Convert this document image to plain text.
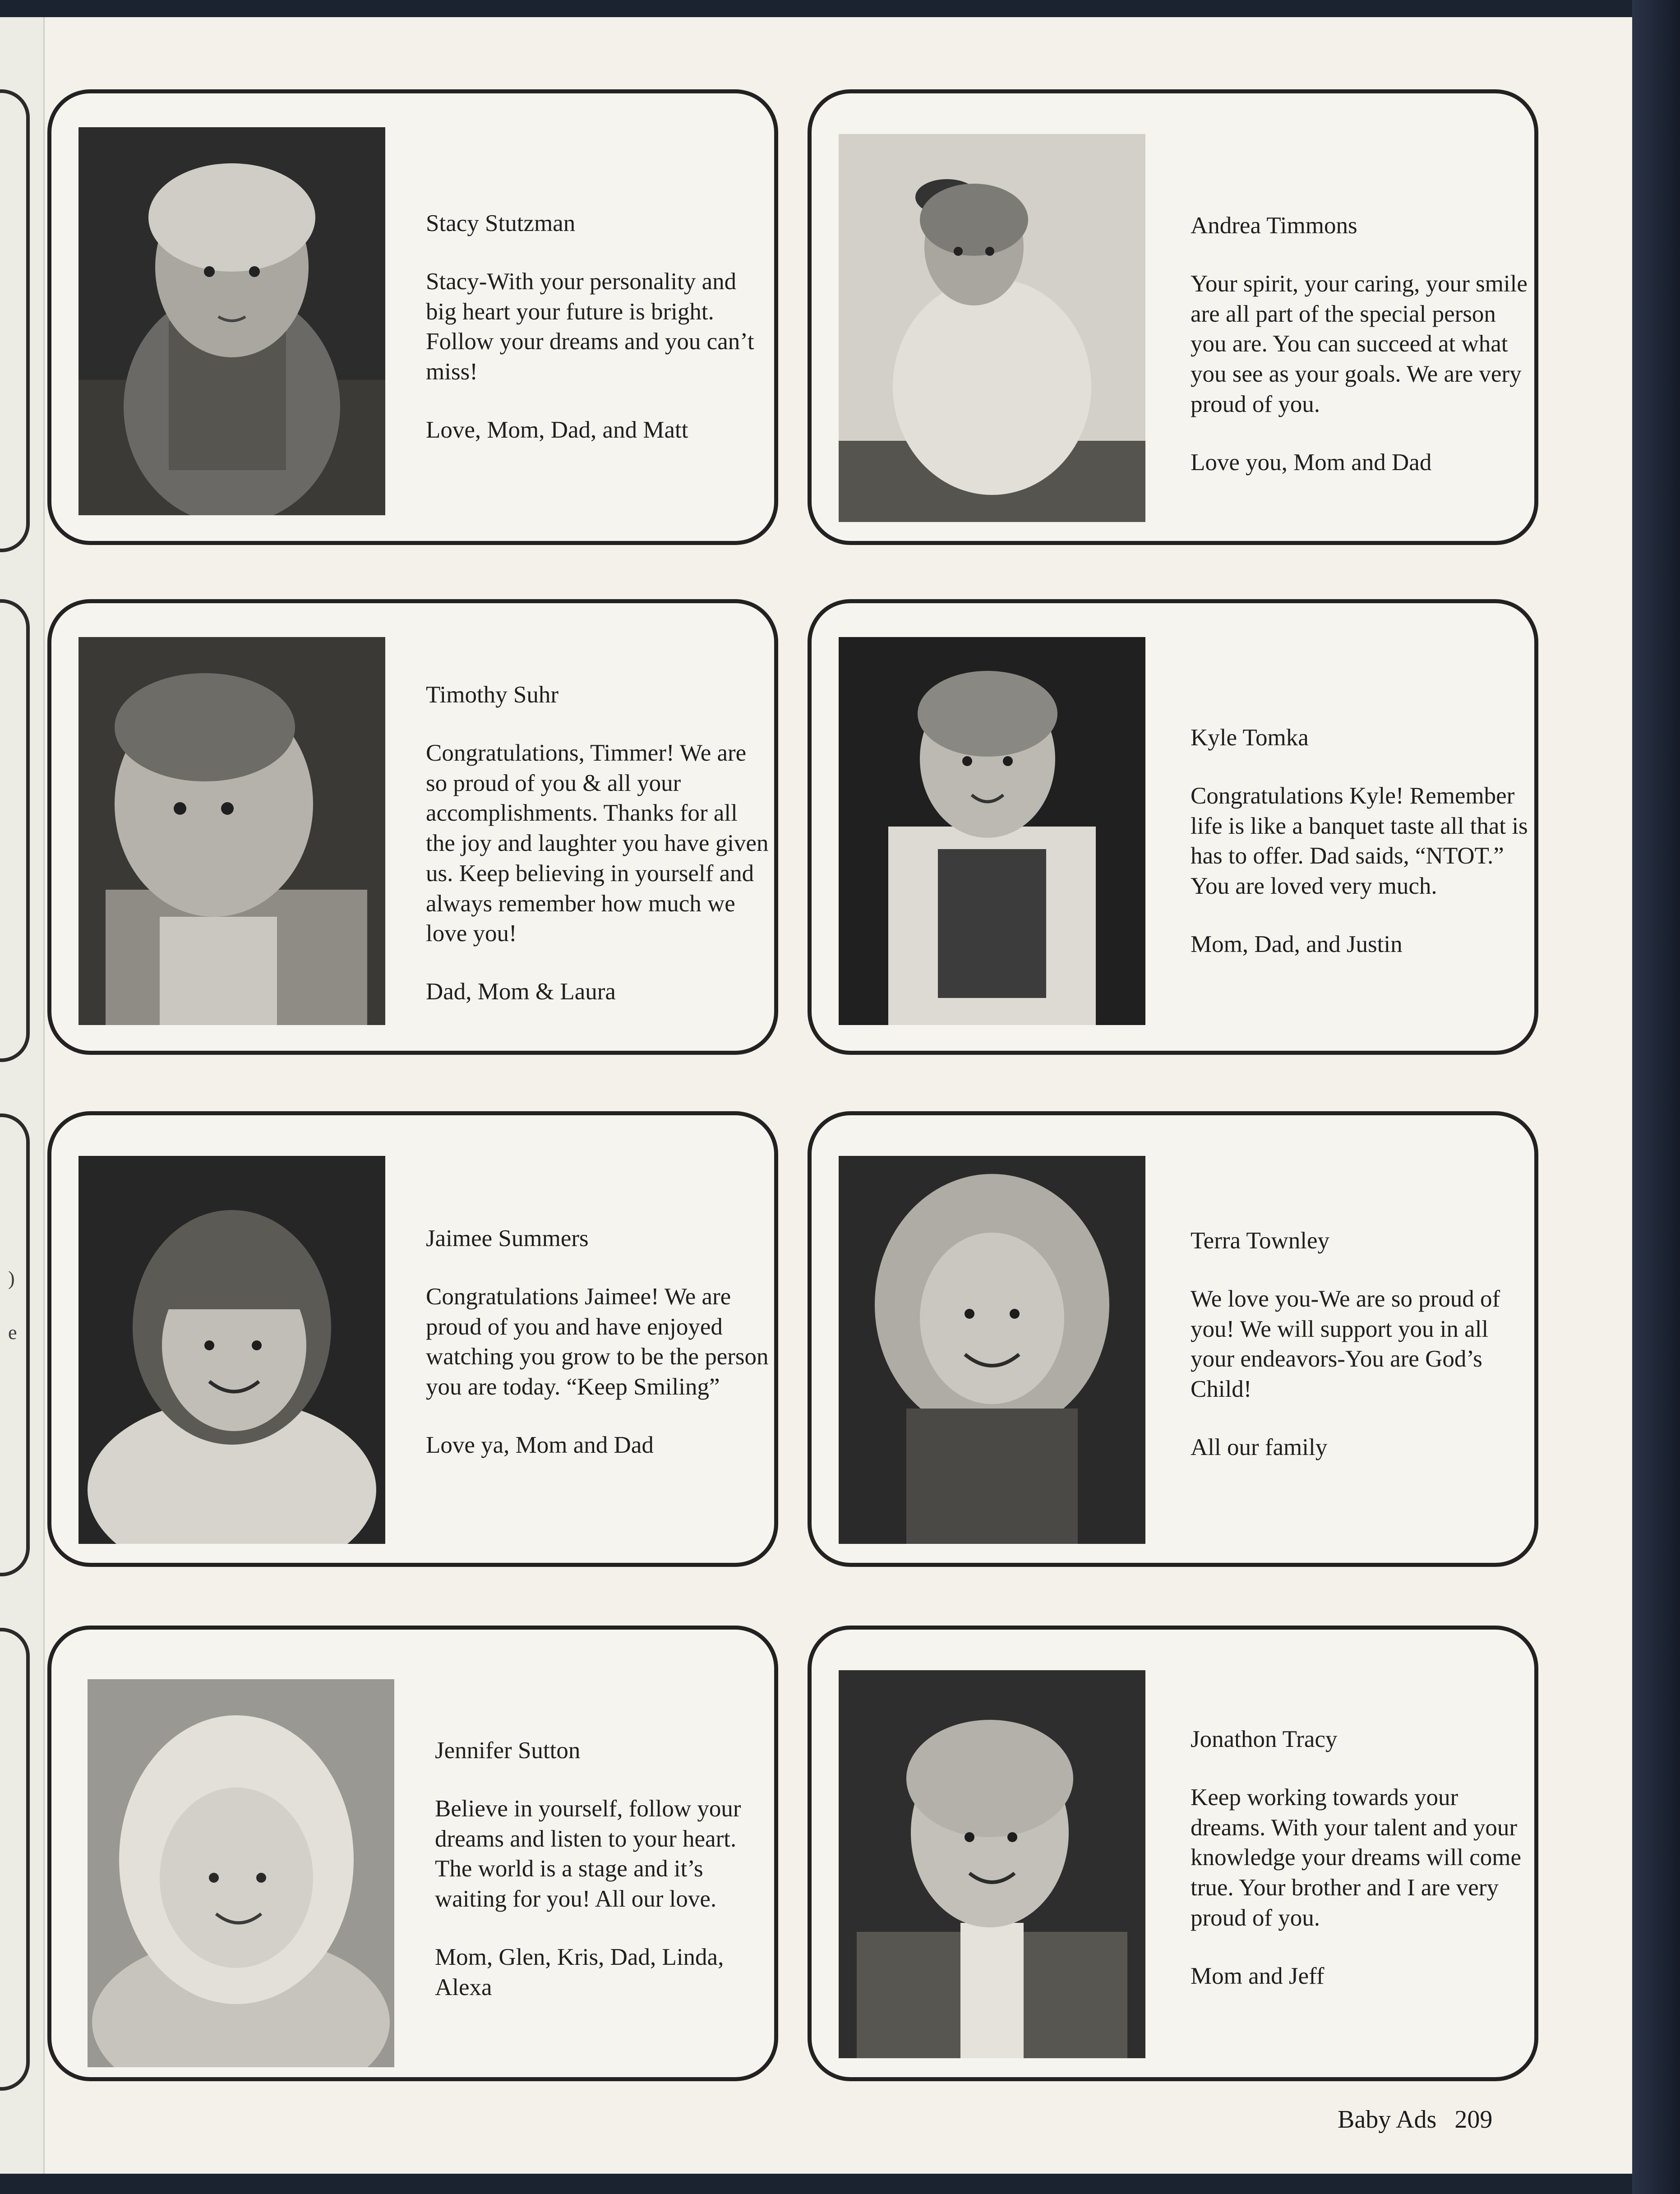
)
e
Stacy Stutzman
Stacy-With your personality and big heart your future is bright. Follow your dreams and you can’t miss!
Love, Mom, Dad, and Matt
Andrea Timmons
Your spirit, your caring, your smile are all part of the special person you are. You can succeed at what you see as your goals. We are very proud of you.
Love you, Mom and Dad
Timothy Suhr
Congratulations, Timmer! We are so proud of you & all your accomplishments. Thanks for all the joy and laughter you have given us. Keep believing in yourself and always remember how much we love you!
Dad, Mom & Laura
Kyle Tomka
Congratulations Kyle! Remember life is like a banquet taste all that is has to offer. Dad saids, “NTOT.” You are loved very much.
Mom, Dad, and Justin
Jaimee Summers
Congratulations Jaimee! We are proud of you and have enjoyed watching you grow to be the person you are today. “Keep Smiling”
Love ya, Mom and Dad
Terra Townley
We love you-We are so proud of you! We will support you in all your endeavors-You are God’s Child!
All our family
Jennifer Sutton
Believe in yourself, follow your dreams and listen to your heart. The world is a stage and it’s waiting for you! All our love.
Mom, Glen, Kris, Dad, Linda, Alexa
Jonathon Tracy
Keep working towards your dreams. With your talent and your knowledge your dreams will come true. Your brother and I are very proud of you.
Mom and Jeff
Baby Ads 209
